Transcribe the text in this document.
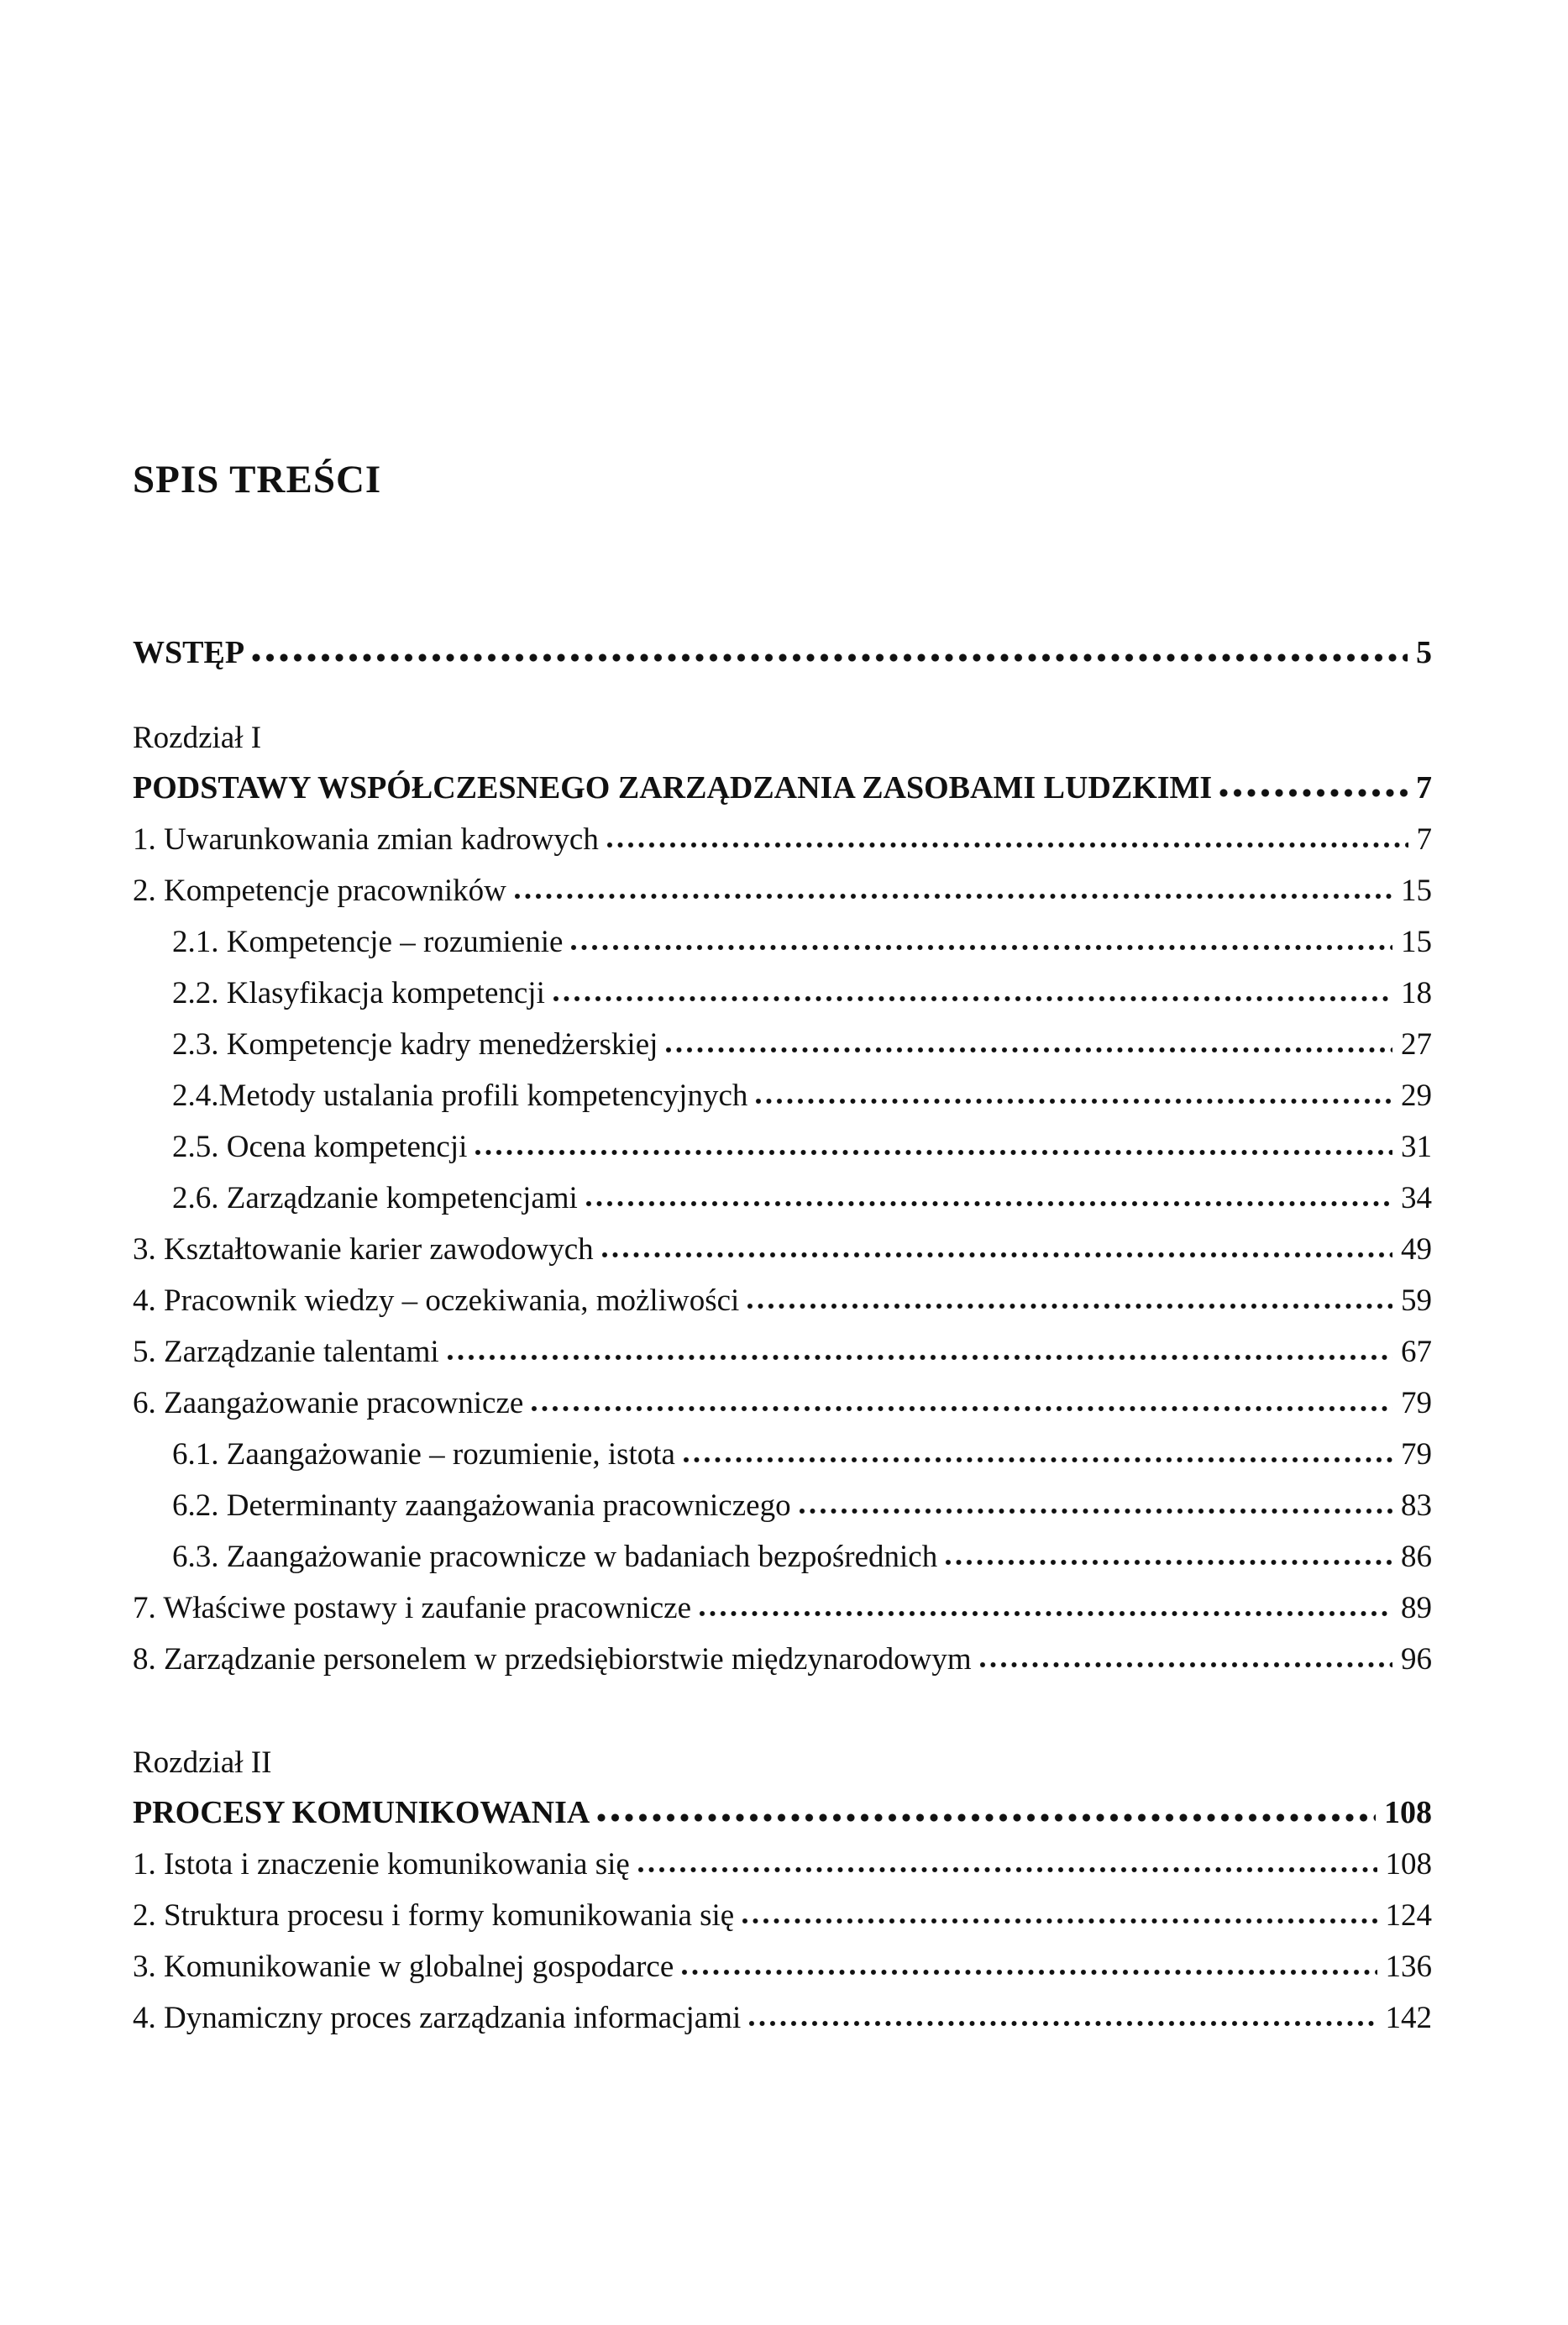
SPIS TREŚCI
WSTĘP	5
Rozdział I
PODSTAWY WSPÓŁCZESNEGO ZARZĄDZANIA ZASOBAMI LUDZKIMI	7
1. Uwarunkowania zmian kadrowych	7
2. Kompetencje pracowników	15
2.1. Kompetencje – rozumienie	15
2.2. Klasyfikacja kompetencji	18
2.3. Kompetencje kadry menedżerskiej	27
2.4.Metody ustalania profili kompetencyjnych	29
2.5. Ocena kompetencji	31
2.6. Zarządzanie kompetencjami	34
3. Kształtowanie karier zawodowych	49
4. Pracownik wiedzy – oczekiwania, możliwości	59
5. Zarządzanie talentami	67
6. Zaangażowanie pracownicze	79
6.1. Zaangażowanie – rozumienie, istota	79
6.2. Determinanty zaangażowania pracowniczego	83
6.3. Zaangażowanie pracownicze w badaniach bezpośrednich	86
7. Właściwe postawy i zaufanie pracownicze	89
8. Zarządzanie personelem w przedsiębiorstwie międzynarodowym	96
Rozdział II
PROCESY KOMUNIKOWANIA	108
1. Istota i znaczenie komunikowania się	108
2. Struktura procesu i formy komunikowania się	124
3. Komunikowanie w globalnej gospodarce	136
4. Dynamiczny proces zarządzania informacjami	142
